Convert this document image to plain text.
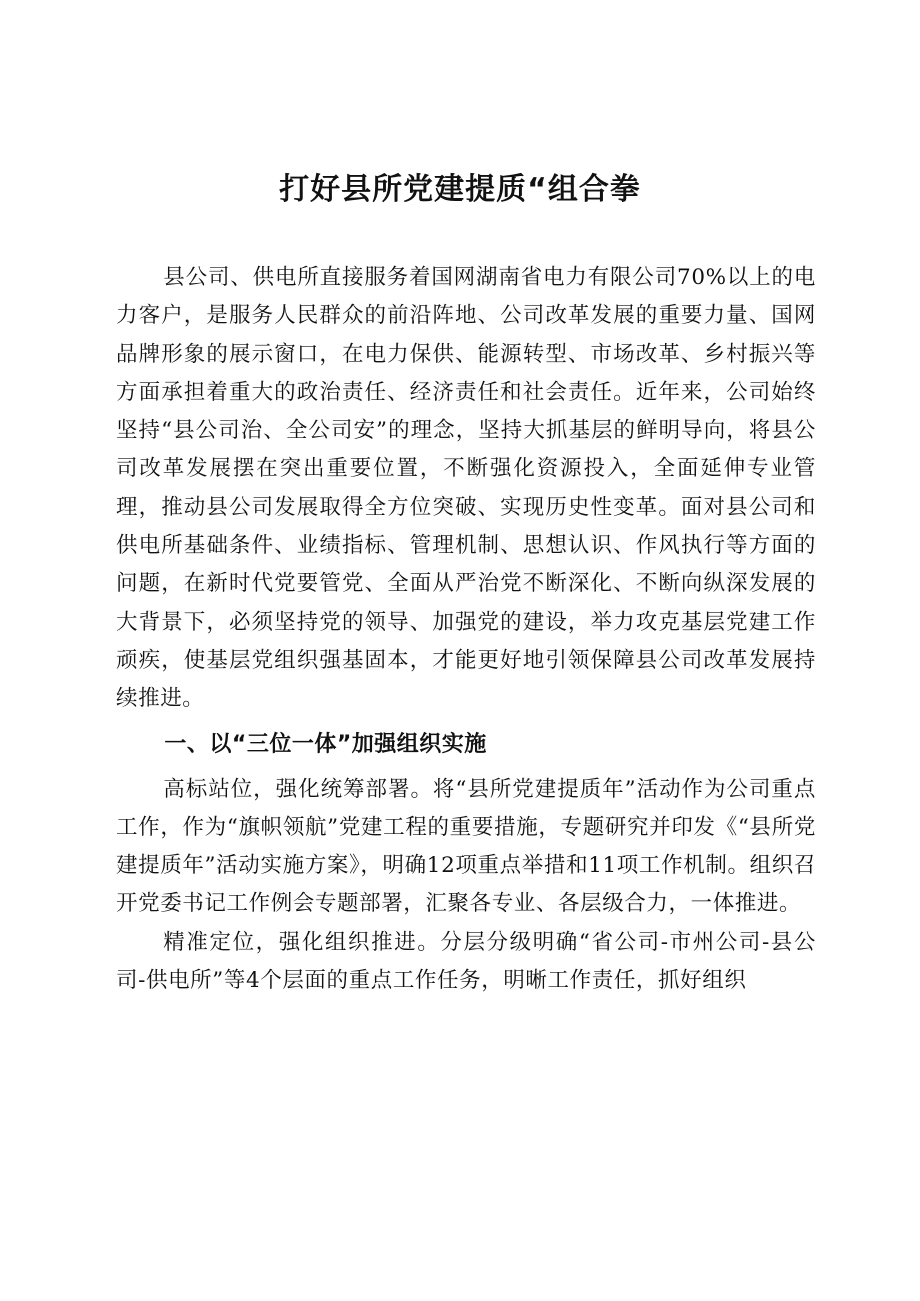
打好县所党建提质“组合拳

县公司、供电所直接服务着国网湖南省电力有限公司70%以上的电力客户，是服务人民群众的前沿阵地、公司改革发展的重要力量、国网品牌形象的展示窗口，在电力保供、能源转型、市场改革、乡村振兴等方面承担着重大的政治责任、经济责任和社会责任。近年来，公司始终坚持“县公司治、全公司安”的理念，坚持大抓基层的鲜明导向，将县公司改革发展摆在突出重要位置，不断强化资源投入，全面延伸专业管理，推动县公司发展取得全方位突破、实现历史性变革。面对县公司和供电所基础条件、业绩指标、管理机制、思想认识、作风执行等方面的问题，在新时代党要管党、全面从严治党不断深化、不断向纵深发展的大背景下，必须坚持党的领导、加强党的建设，举力攻克基层党建工作顽疾，使基层党组织强基固本，才能更好地引领保障县公司改革发展持续推进。

一、以“三位一体”加强组织实施

高标站位，强化统筹部署。将“县所党建提质年”活动作为公司重点工作，作为“旗帜领航”党建工程的重要措施，专题研究并印发《“县所党建提质年”活动实施方案》，明确12项重点举措和11项工作机制。组织召开党委书记工作例会专题部署，汇聚各专业、各层级合力，一体推进。

精准定位，强化组织推进。分层分级明确“省公司-市州公司-县公司-供电所”等4个层面的重点工作任务，明晰工作责任，抓好组织
